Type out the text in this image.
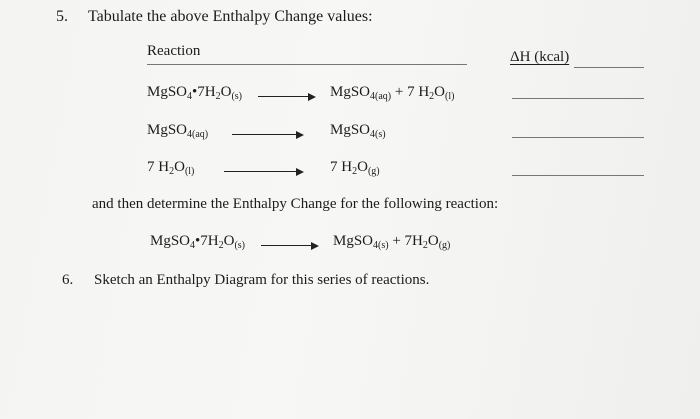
5. Tabulate the above Enthalpy Change values:
Reaction	ΔH (kcal)
$MgSO_4•7H_2O_{(s)}$ → MgSO$_{4(aq)}$ + 7 $H_2O_{(l)}$
MgSO$_{4(aq)}$	MgSO$_{4(s)}$
7 $H_2O_{(l)}$	7 $H_2O_{(g)}$
and then determine the Enthalpy Change for the following reaction:
$MgSO_4•7H_2O_{(s)}$	MgSO$_{4(s)}$ + $7H_2O_{(g)}$
6. Sketch an Enthalpy Diagram for this series of reactions.
